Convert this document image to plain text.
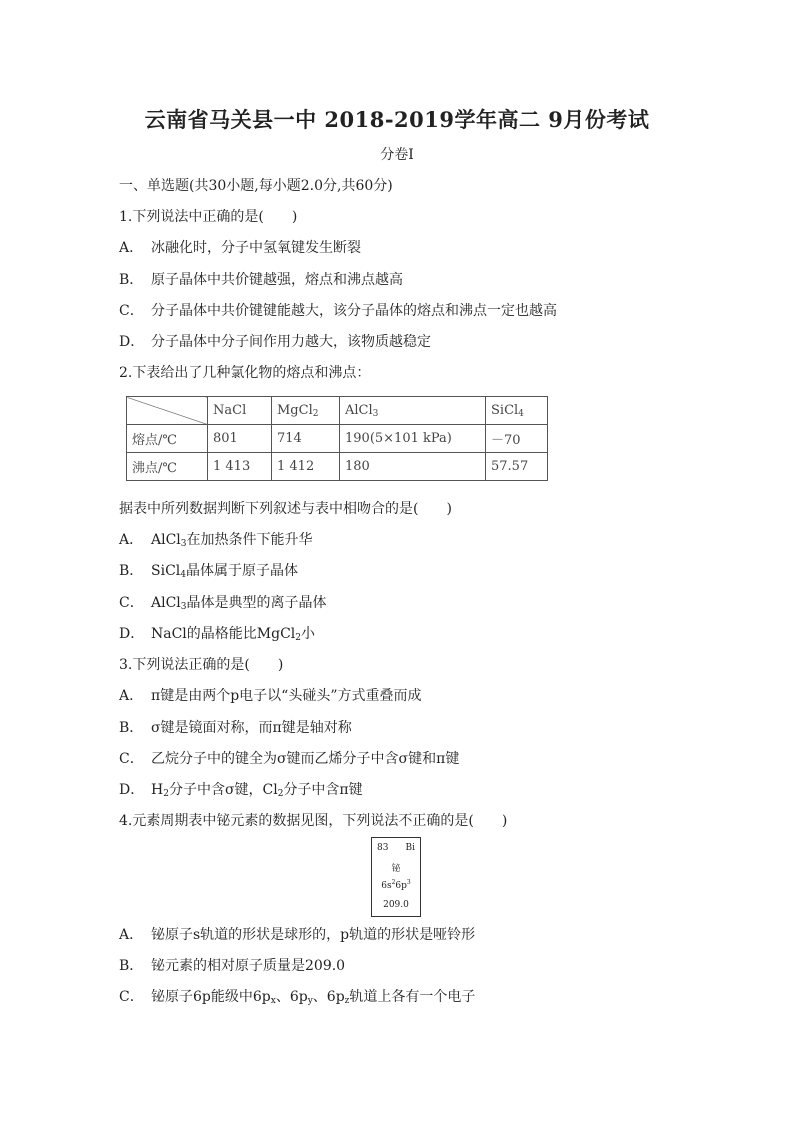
云南省马关县一中 2018-2019学年高二 9月份考试
分卷I
一、单选题(共30小题,每小题2.0分,共60分)
1.下列说法中正确的是(　　)
A． 冰融化时，分子中氢氧键发生断裂
B． 原子晶体中共价键越强，熔点和沸点越高
C． 分子晶体中共价键键能越大，该分子晶体的熔点和沸点一定也越高
D． 分子晶体中分子间作用力越大，该物质越稳定
2.下表给出了几种氯化物的熔点和沸点：
	NaCl	MgCl$_2$	AlCl$_3$	SiCl$_4$
熔点/℃	801	714	190(5×101 kPa)	－70
沸点/℃	1 413	1 412	180	57.57
据表中所列数据判断下列叙述与表中相吻合的是(　　)
A． AlCl$_3$在加热条件下能升华
B． SiCl$_4$晶体属于原子晶体
C． AlCl$_3$晶体是典型的离子晶体
D． NaCl的晶格能比MgCl$_2$小
3.下列说法正确的是(　　)
A． π键是由两个p电子以“头碰头”方式重叠而成
B． σ键是镜面对称，而π键是轴对称
C． 乙烷分子中的键全为σ键而乙烯分子中含σ键和π键
D． $H_2$分子中含σ键，$Cl_2$分子中含π键
4.元素周期表中铋元素的数据见图，下列说法不正确的是(　　)
83 Bi
铋
$6s^26p^3$
209.0
A． 铋原子s轨道的形状是球形的，p轨道的形状是哑铃形
B． 铋元素的相对原子质量是209.0
C． 铋原子6p能级中$6p_x$、$6p_y$、$6p_z$轨道上各有一个电子
